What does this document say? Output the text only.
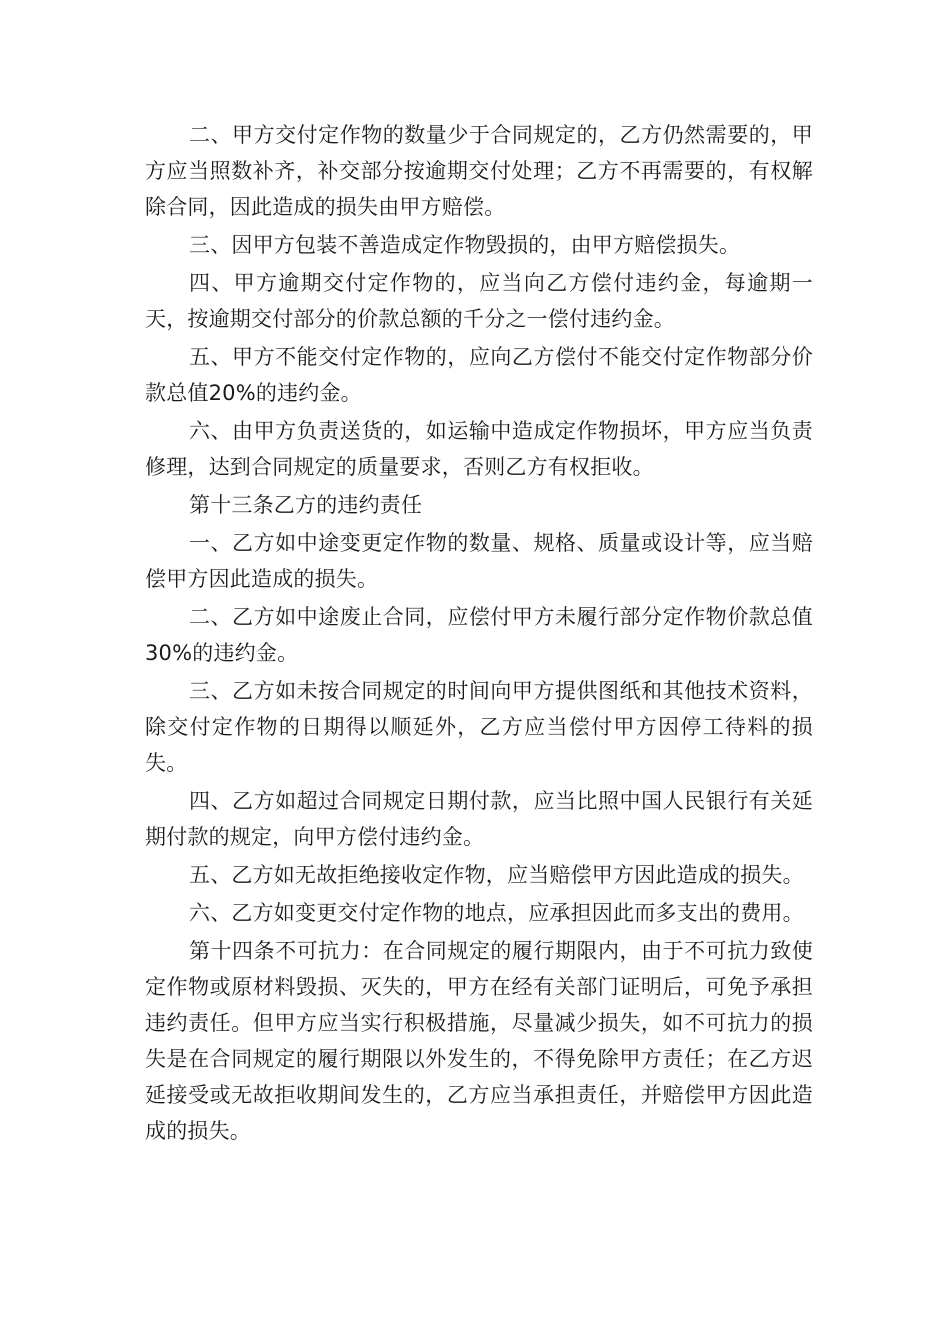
二、甲方交付定作物的数量少于合同规定的，乙方仍然需要的，甲方应当照数补齐，补交部分按逾期交付处理；乙方不再需要的，有权解除合同，因此造成的损失由甲方赔偿。

三、因甲方包装不善造成定作物毁损的，由甲方赔偿损失。

四、甲方逾期交付定作物的，应当向乙方偿付违约金，每逾期一天，按逾期交付部分的价款总额的千分之一偿付违约金。

五、甲方不能交付定作物的，应向乙方偿付不能交付定作物部分价款总值20%的违约金。

六、由甲方负责送货的，如运输中造成定作物损坏，甲方应当负责修理，达到合同规定的质量要求，否则乙方有权拒收。

第十三条乙方的违约责任

一、乙方如中途变更定作物的数量、规格、质量或设计等，应当赔偿甲方因此造成的损失。

二、乙方如中途废止合同，应偿付甲方未履行部分定作物价款总值30%的违约金。

三、乙方如未按合同规定的时间向甲方提供图纸和其他技术资料，除交付定作物的日期得以顺延外，乙方应当偿付甲方因停工待料的损失。

四、乙方如超过合同规定日期付款，应当比照中国人民银行有关延期付款的规定，向甲方偿付违约金。

五、乙方如无故拒绝接收定作物，应当赔偿甲方因此造成的损失。

六、乙方如变更交付定作物的地点，应承担因此而多支出的费用。

第十四条不可抗力：在合同规定的履行期限内，由于不可抗力致使定作物或原材料毁损、灭失的，甲方在经有关部门证明后，可免予承担违约责任。但甲方应当实行积极措施，尽量减少损失，如不可抗力的损失是在合同规定的履行期限以外发生的，不得免除甲方责任；在乙方迟延接受或无故拒收期间发生的，乙方应当承担责任，并赔偿甲方因此造成的损失。
